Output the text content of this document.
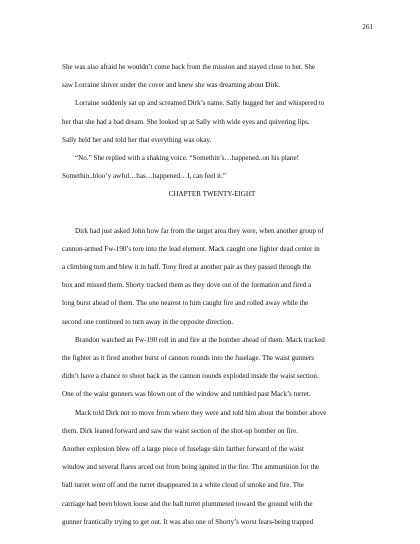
261
She was also afraid he wouldn’t come back from the mission and stayed close to her. She
saw Lorraine shiver under the cover and knew she was dreaming about Dirk.
Lorraine suddenly sat up and screamed Dirk’s name. Sally hugged her and whispered to
her that she had a bad dream. She looked up at Sally with wide eyes and quivering lips.
Sally held her and told her that everything was okay.
“No.” She replied with a shaking voice. “Somethin’s…happened..on his plane!
Somethin..bloo’y awful…has…happened…I, can feel it.”
CHAPTER TWENTY-EIGHT
Dirk had just asked John how far from the target area they were, when another group of
cannon-armed Fw-190’s tore into the lead element. Mack caught one fighter dead center in
a climbing turn and blew it in half. Tony fired at another pair as they passed through the
box and missed them. Shorty tracked them as they dove out of the formation and fired a
long burst ahead of them. The one nearest to him caught fire and rolled away while the
second one continued to turn away in the opposite direction.
Brandon watched an Fw-190 roll in and fire at the bomber ahead of them. Mack tracked
the fighter as it fired another burst of cannon rounds into the fuselage. The waist gunners
didn’t have a chance to shoot back as the cannon rounds exploded inside the waist section.
One of the waist gunners was blown out of the window and tumbled past Mack’s turret.
Mack told Dirk not to move from where they were and told him about the bomber above
them. Dirk leaned forward and saw the waist section of the shot-up bomber on fire.
Another explosion blew off a large piece of fuselage skin farther forward of the waist
window and several flares arced out from being ignited in the fire. The ammunition for the
ball turret went off and the turret disappeared in a white cloud of smoke and fire. The
carriage had been blown loose and the ball turret plummeted toward the ground with the
gunner frantically trying to get out. It was also one of Shorty’s worst fears-being trapped
